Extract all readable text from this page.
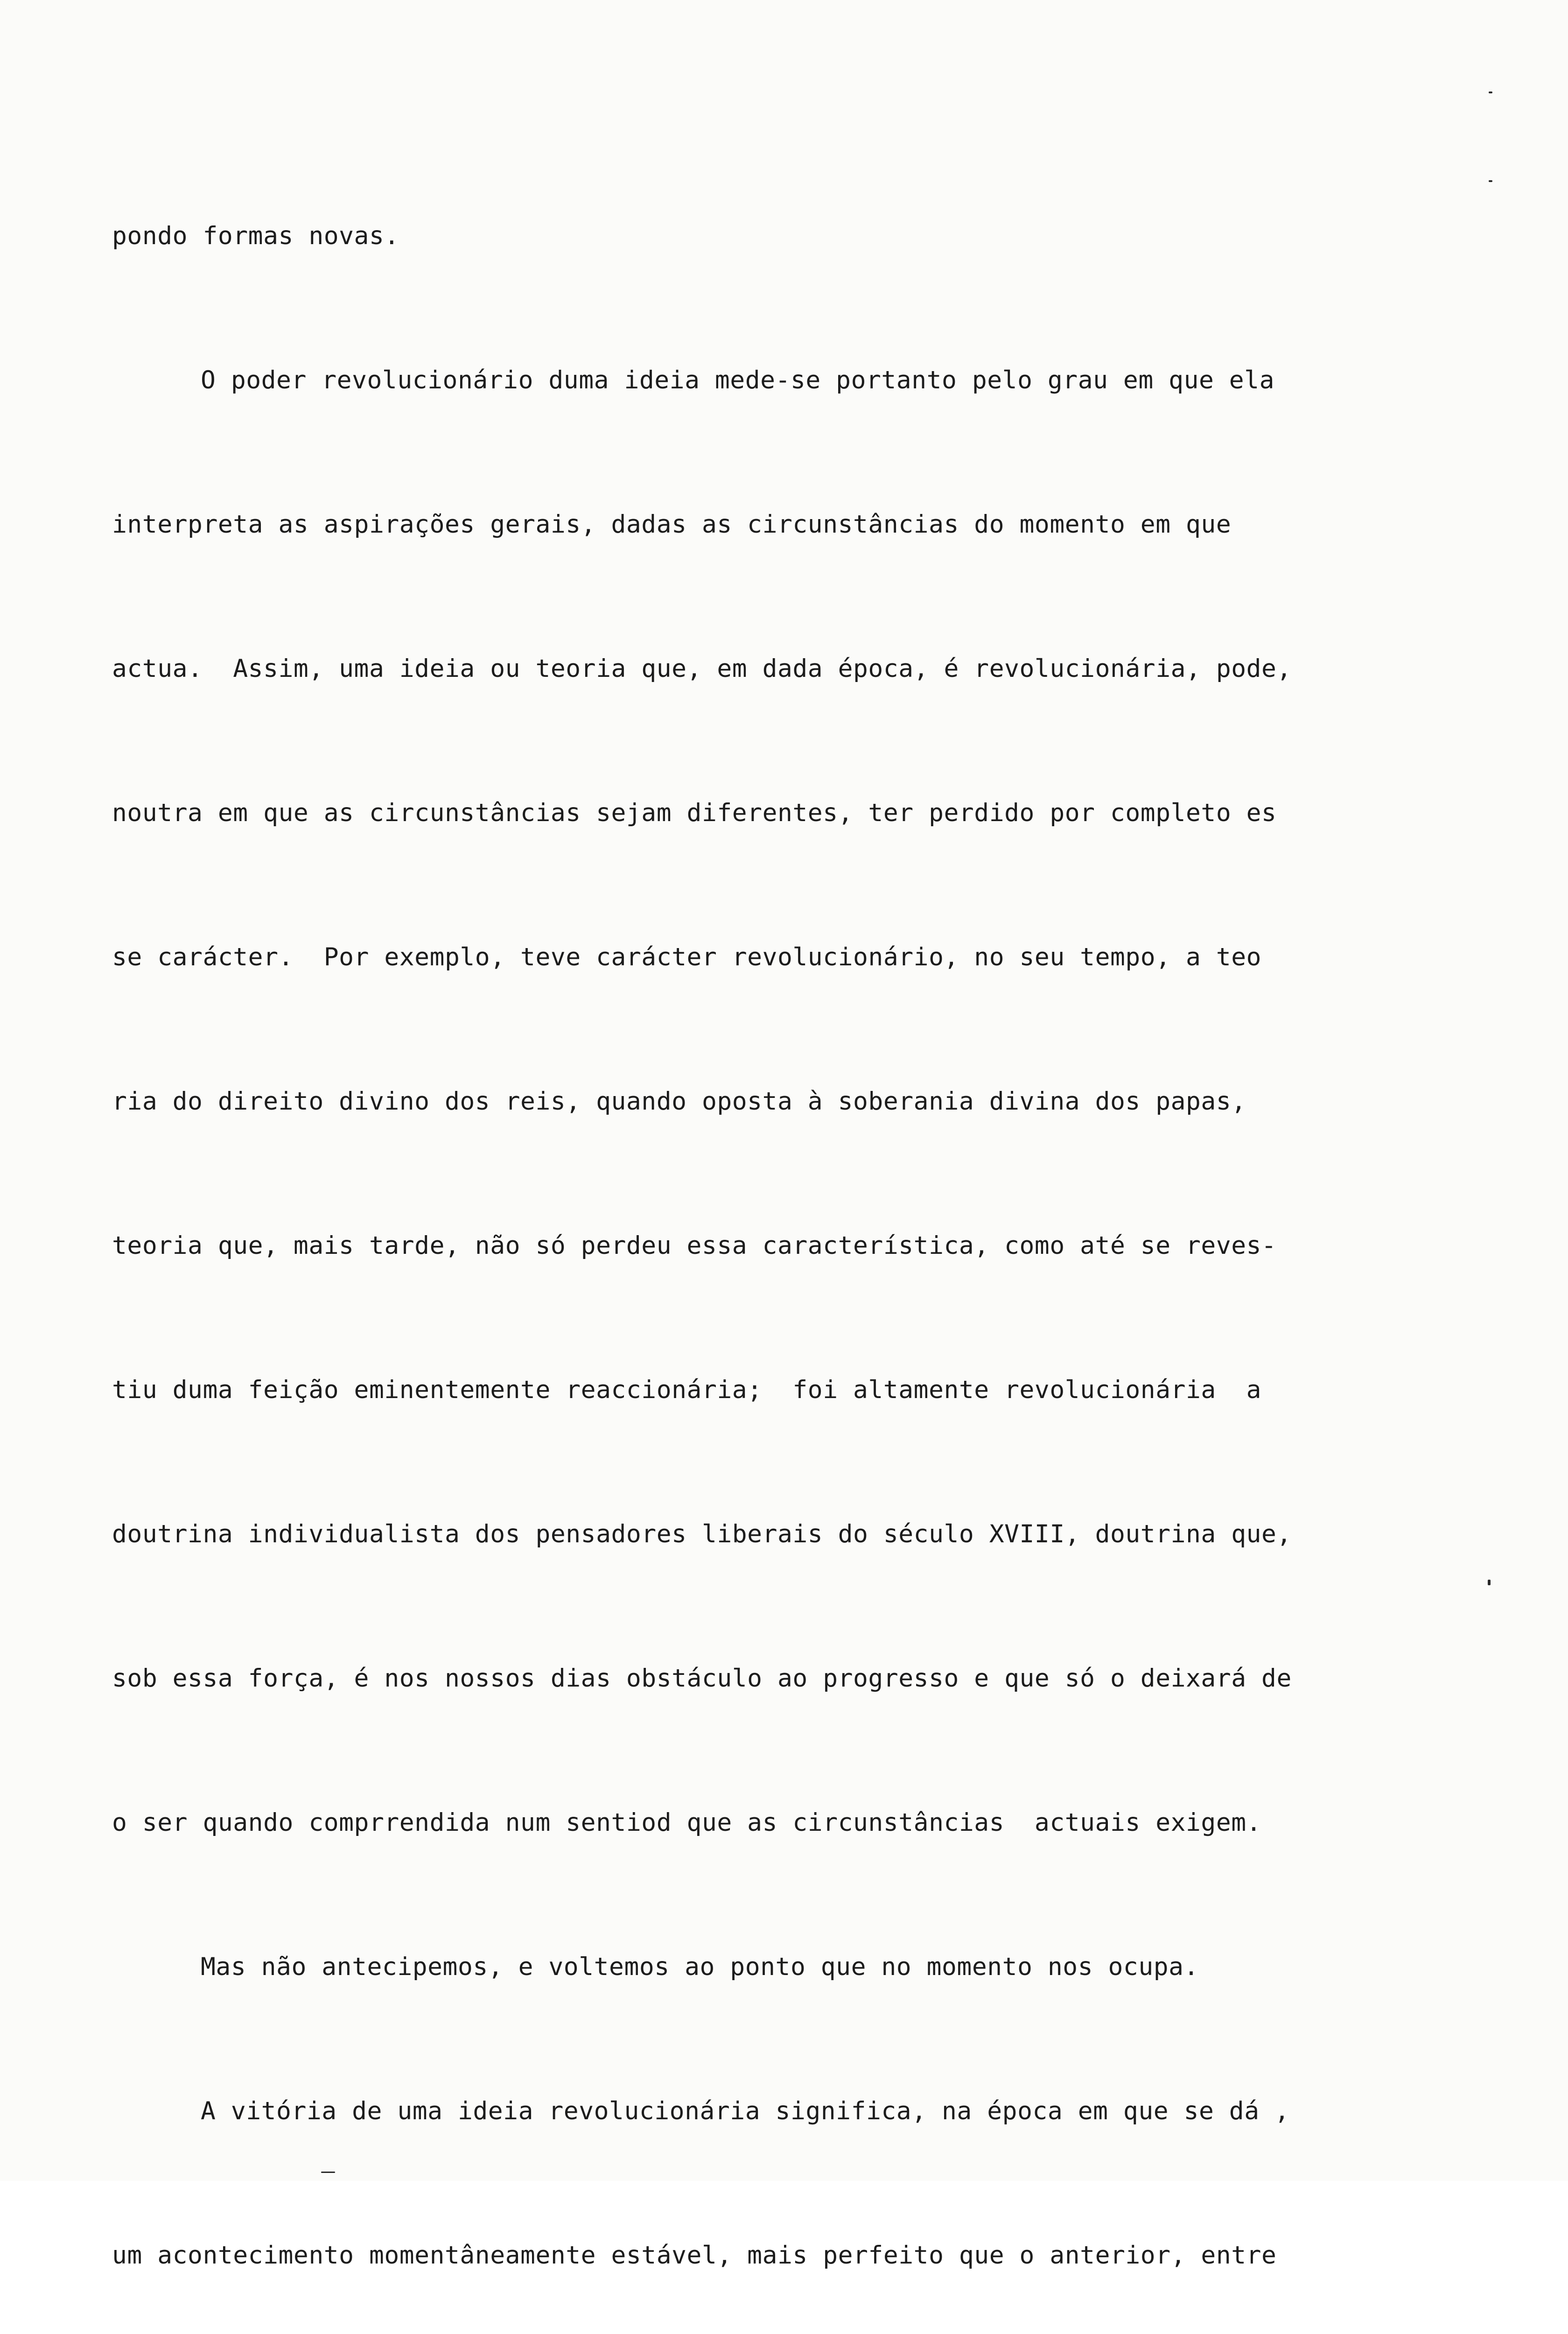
pondo formas novas.

O poder revolucionário duma ideia mede-se portanto pelo grau em que ela

interpreta as aspirações gerais, dadas as circunstâncias do momento em que

actua.  Assim, uma ideia ou teoria que, em dada época, é revolucionária, pode,

noutra em que as circunstâncias sejam diferentes, ter perdido por completo es

se carácter.  Por exemplo, teve carácter revolucionário, no seu tempo, a teo

ria do direito divino dos reis, quando oposta à soberania divina dos papas,

teoria que, mais tarde, não só perdeu essa característica, como até se reves-

tiu duma feição eminentemente reaccionária;  foi altamente revolucionária  a

doutrina individualista dos pensadores liberais do século XVIII, doutrina que,

sob essa força, é nos nossos dias obstáculo ao progresso e que só o deixará de

o ser quando comprrendida num sentiod que as circunstâncias  actuais exigem.

Mas não antecipemos, e voltemos ao ponto que no momento nos ocupa.

A vitória de uma ideia revolucionária significa, na época em que se dá ,

um acontecimento momentâneamente estável, mais perfeito que o anterior, entre
